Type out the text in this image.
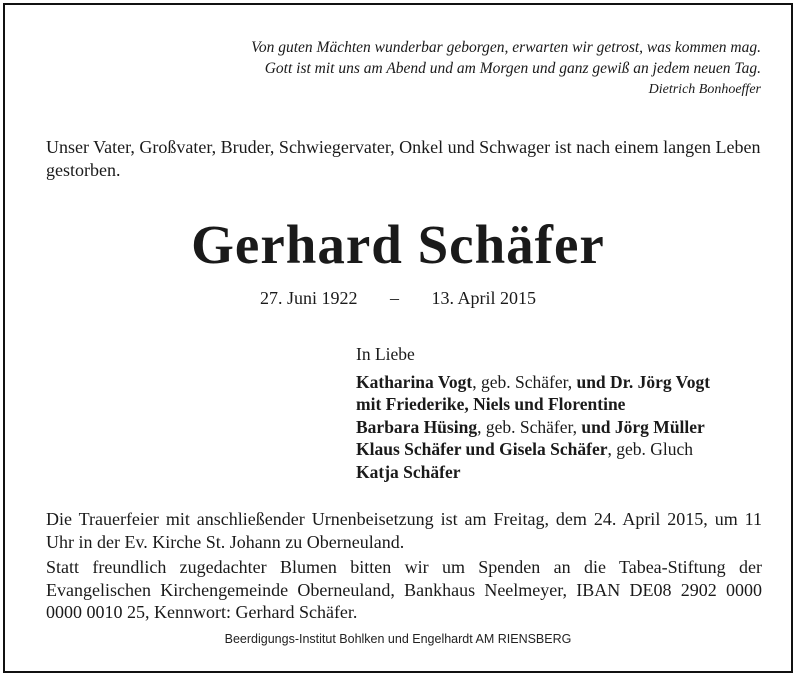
Von guten Mächten wunderbar geborgen, erwarten wir getrost, was kommen mag.
Gott ist mit uns am Abend und am Morgen und ganz gewiß an jedem neuen Tag.
Dietrich Bonhoeffer
Unser Vater, Großvater, Bruder, Schwiegervater, Onkel und Schwager ist nach einem langen Leben gestorben.
Gerhard Schäfer
27. Juni 1922 – 13. April 2015
In Liebe
Katharina Vogt, geb. Schäfer, und Dr. Jörg Vogt
mit Friederike, Niels und Florentine
Barbara Hüsing, geb. Schäfer, und Jörg Müller
Klaus Schäfer und Gisela Schäfer, geb. Gluch
Katja Schäfer
Die Trauerfeier mit anschließender Urnenbeisetzung ist am Freitag, dem 24. April 2015, um 11 Uhr in der Ev. Kirche St. Johann zu Oberneuland.
Statt freundlich zugedachter Blumen bitten wir um Spenden an die Tabea-Stiftung der Evangelischen Kirchengemeinde Oberneuland, Bankhaus Neelmeyer, IBAN DE08 2902 0000 0000 0010 25, Kennwort: Gerhard Schäfer.
Beerdigungs-Institut Bohlken und Engelhardt AM RIENSBERG
